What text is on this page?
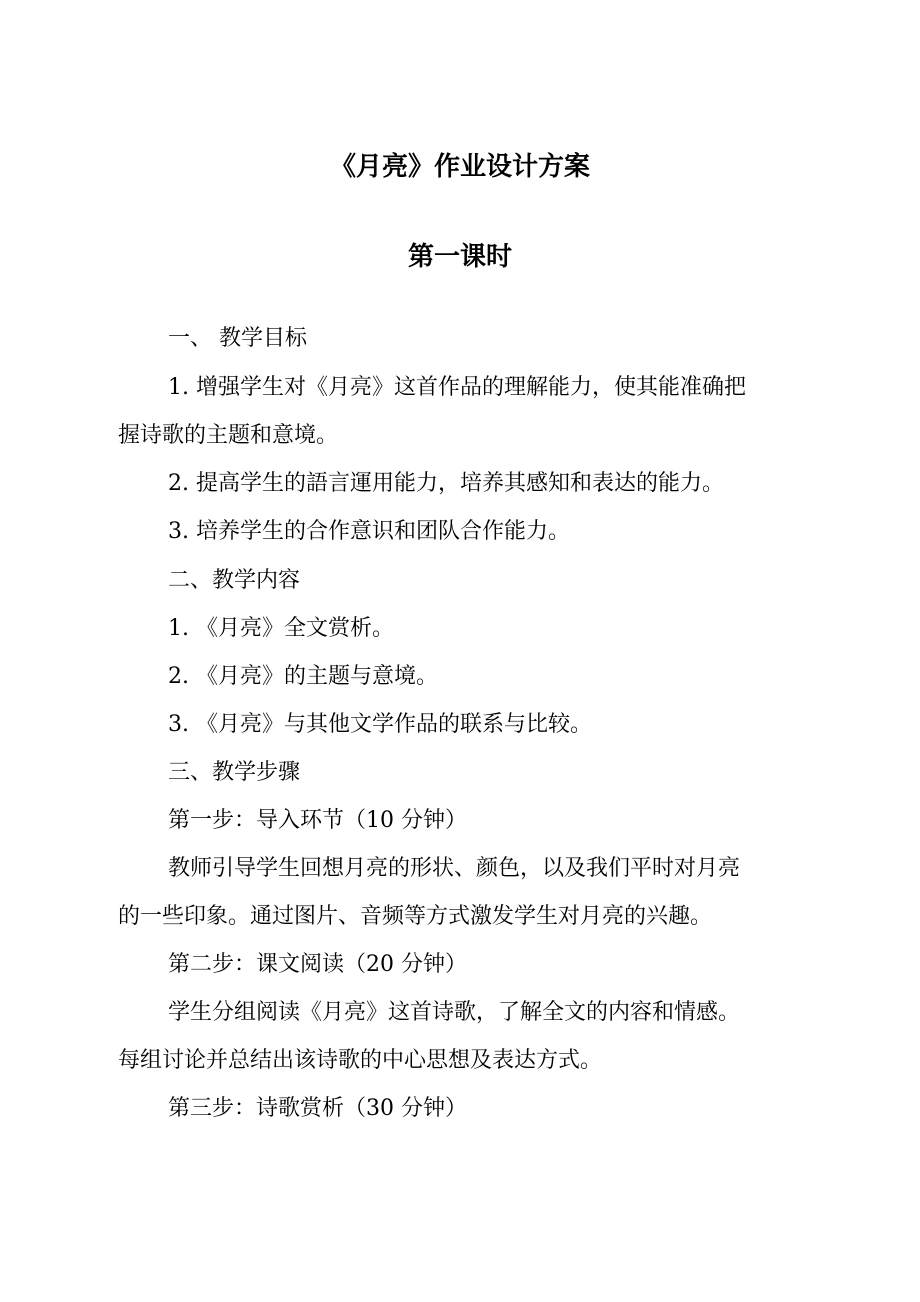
《月亮》作业设计方案
第一课时

一、 教学目标

1. 增强学生对《月亮》这首作品的理解能力，使其能准确把

握诗歌的主题和意境。

2. 提高学生的語言運用能力，培养其感知和表达的能力。

3. 培养学生的合作意识和团队合作能力。

二、教学内容

1. 《月亮》全文赏析。

2. 《月亮》的主题与意境。

3. 《月亮》与其他文学作品的联系与比较。

三、教学步骤

第一步：导入环节（10 分钟）

教师引导学生回想月亮的形状、颜色，以及我们平时对月亮

的一些印象。通过图片、音频等方式激发学生对月亮的兴趣。

第二步：课文阅读（20 分钟）

学生分组阅读《月亮》这首诗歌，了解全文的内容和情感。

每组讨论并总结出该诗歌的中心思想及表达方式。

第三步：诗歌赏析（30 分钟）
